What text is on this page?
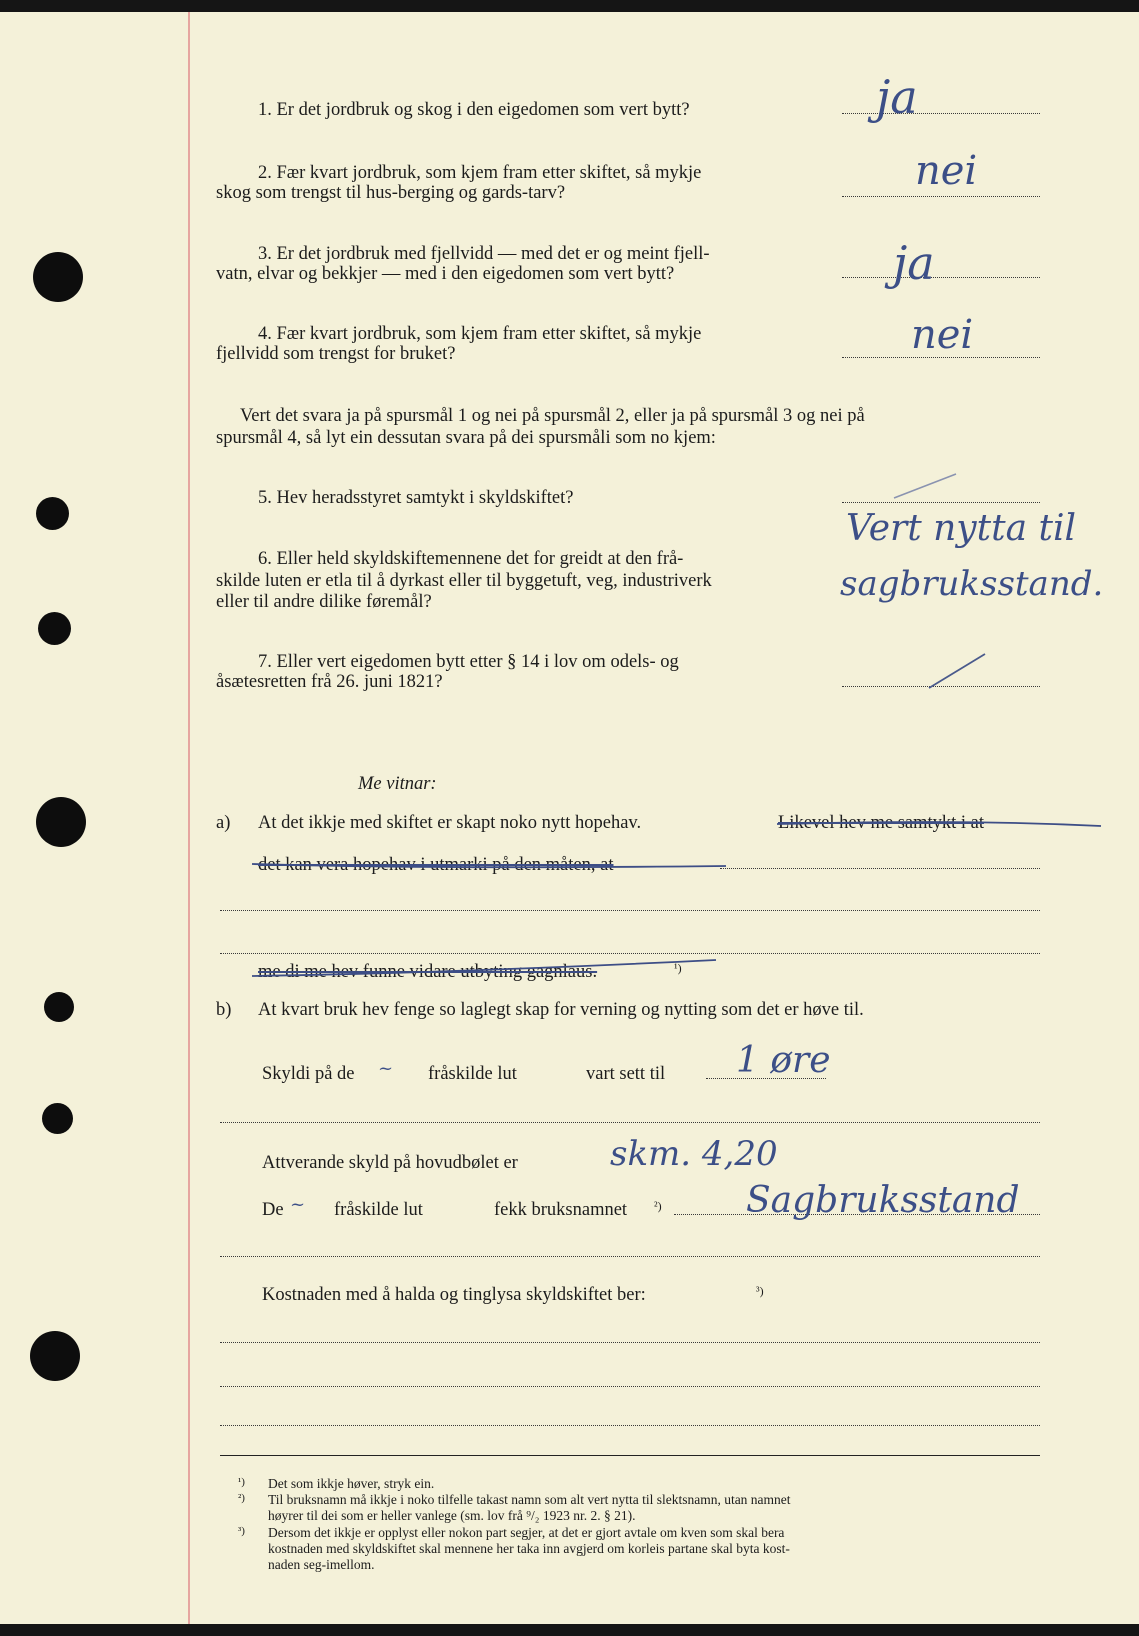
1. Er det jordbruk og skog i den eigedomen som vert bytt?	ja
2. Fær kvart jordbruk, som kjem fram etter skiftet, så mykje
skog som trengst til hus-berging og gards-tarv?	nei
3. Er det jordbruk med fjellvidd — med det er og meint fjell-
vatn, elvar og bekkjer — med i den eigedomen som vert bytt?	ja
4. Fær kvart jordbruk, som kjem fram etter skiftet, så mykje
fjellvidd som trengst for bruket?	nei
Vert det svara ja på spursmål 1 og nei på spursmål 2, eller ja på spursmål 3 og nei på
spursmål 4, så lyt ein dessutan svara på dei spursmåli som no kjem:
5. Hev heradsstyret samtykt i skyldskiftet?
6. Eller held skyldskiftemennene det for greidt at den frå-
skilde luten er etla til å dyrkast eller til byggetuft, veg, industriverk
eller til andre dilike føremål?
Vert nytta til
sagbruksstand.
7. Eller vert eigedomen bytt etter § 14 i lov om odels- og
åsætesretten frå 26. juni 1821?
Me vitnar:
a) At det ikkje med skiftet er skapt noko nytt hopehav.	Likevel hev me samtykt i at
det kan vera hopehav i utmarki på den måten, at
me di me hev funne vidare utbyting gagnlaus.	¹)
b) At kvart bruk hev fenge so laglegt skap for verning og nytting som det er høve til.
Skyldi på de ~ fråskilde lut	vart sett til 1 øre
Attverande skyld på hovudbølet er	skm. 4,20
De ~ fråskilde lut	fekk bruksnamnet ²) Sagbruksstand
Kostnaden med å halda og tinglysa skyldskiftet ber:	³)
¹) Det som ikkje høver, stryk ein.
²) Til bruksnamn må ikkje i noko tilfelle takast namn som alt vert nytta til slektsnamn, utan namnet
høyrer til dei som er heller vanlege (sm. lov frå ⁹/₂ 1923 nr. 2. § 21).
³) Dersom det ikkje er opplyst eller nokon part segjer, at det er gjort avtale om kven som skal bera
kostnaden med skyldskiftet skal mennene her taka inn avgjerd om korleis partane skal byta kost-
naden seg-imellom.
